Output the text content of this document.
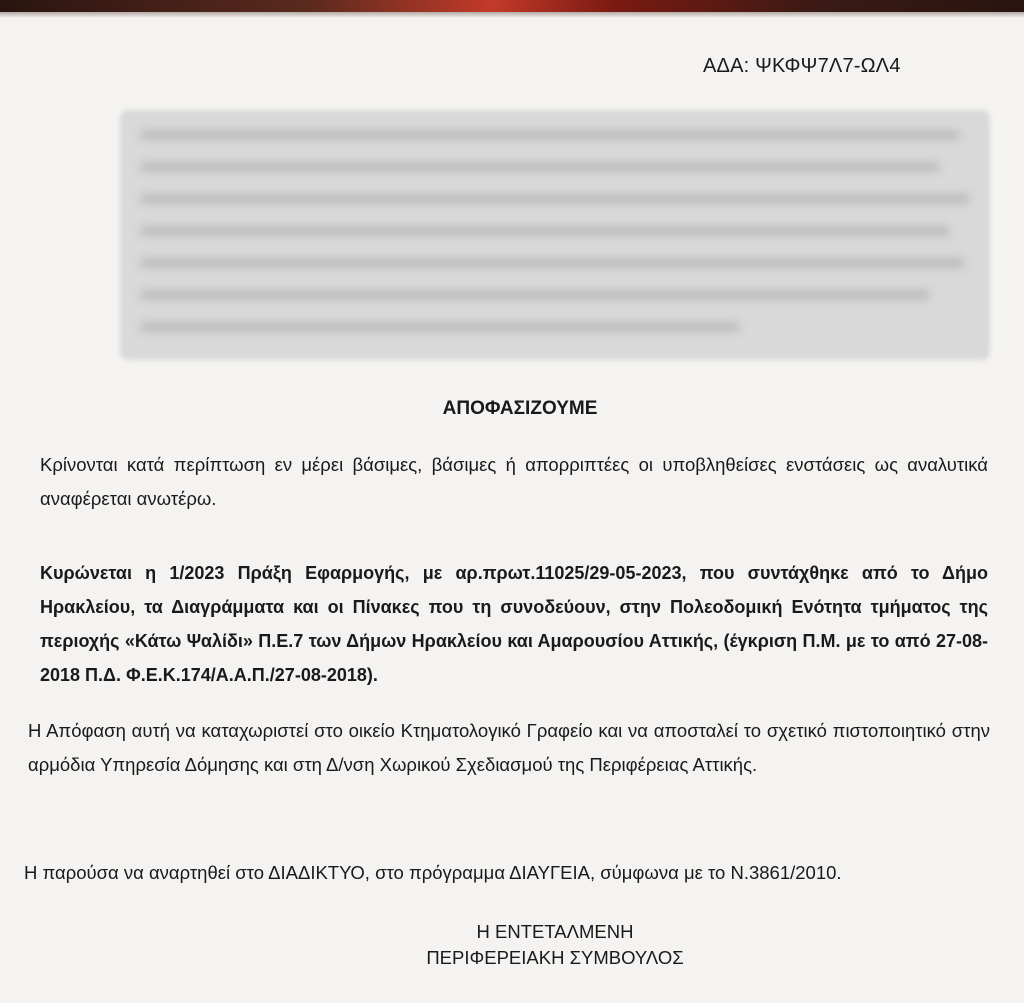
ΑΔΑ: ΨΚΦΨ7Λ7-ΩΛ4
ΑΠΟΦΑΣΙΖΟΥΜΕ
Κρίνονται κατά περίπτωση εν μέρει βάσιμες, βάσιμες ή απορριπτέες οι υποβληθείσες ενστάσεις ως αναλυτικά αναφέρεται ανωτέρω.
Κυρώνεται η 1/2023 Πράξη Εφαρμογής, με αρ.πρωτ.11025/29-05-2023, που συντάχθηκε από το Δήμο Ηρακλείου, τα Διαγράμματα και οι Πίνακες που τη συνοδεύουν, στην Πολεοδομική Ενότητα τμήματος της περιοχής «Κάτω Ψαλίδι» Π.Ε.7 των Δήμων Ηρακλείου και Αμαρουσίου Αττικής, (έγκριση Π.Μ. με το από 27-08-2018 Π.Δ. Φ.Ε.Κ.174/Α.Α.Π./27-08-2018).
Η Απόφαση αυτή να καταχωριστεί στο οικείο Κτηματολογικό Γραφείο και να αποσταλεί το σχετικό πιστοποιητικό στην αρμόδια Υπηρεσία Δόμησης και στη Δ/νση Χωρικού Σχεδιασμού της Περιφέρειας Αττικής.
Η παρούσα να αναρτηθεί στο ΔΙΑΔΙΚΤΥΟ, στο πρόγραμμα ΔΙΑΥΓΕΙΑ, σύμφωνα με το Ν.3861/2010.
Η ΕΝΤΕΤΑΛΜΕΝΗ
ΠΕΡΙΦΕΡΕΙΑΚΗ ΣΥΜΒΟΥΛΟΣ
